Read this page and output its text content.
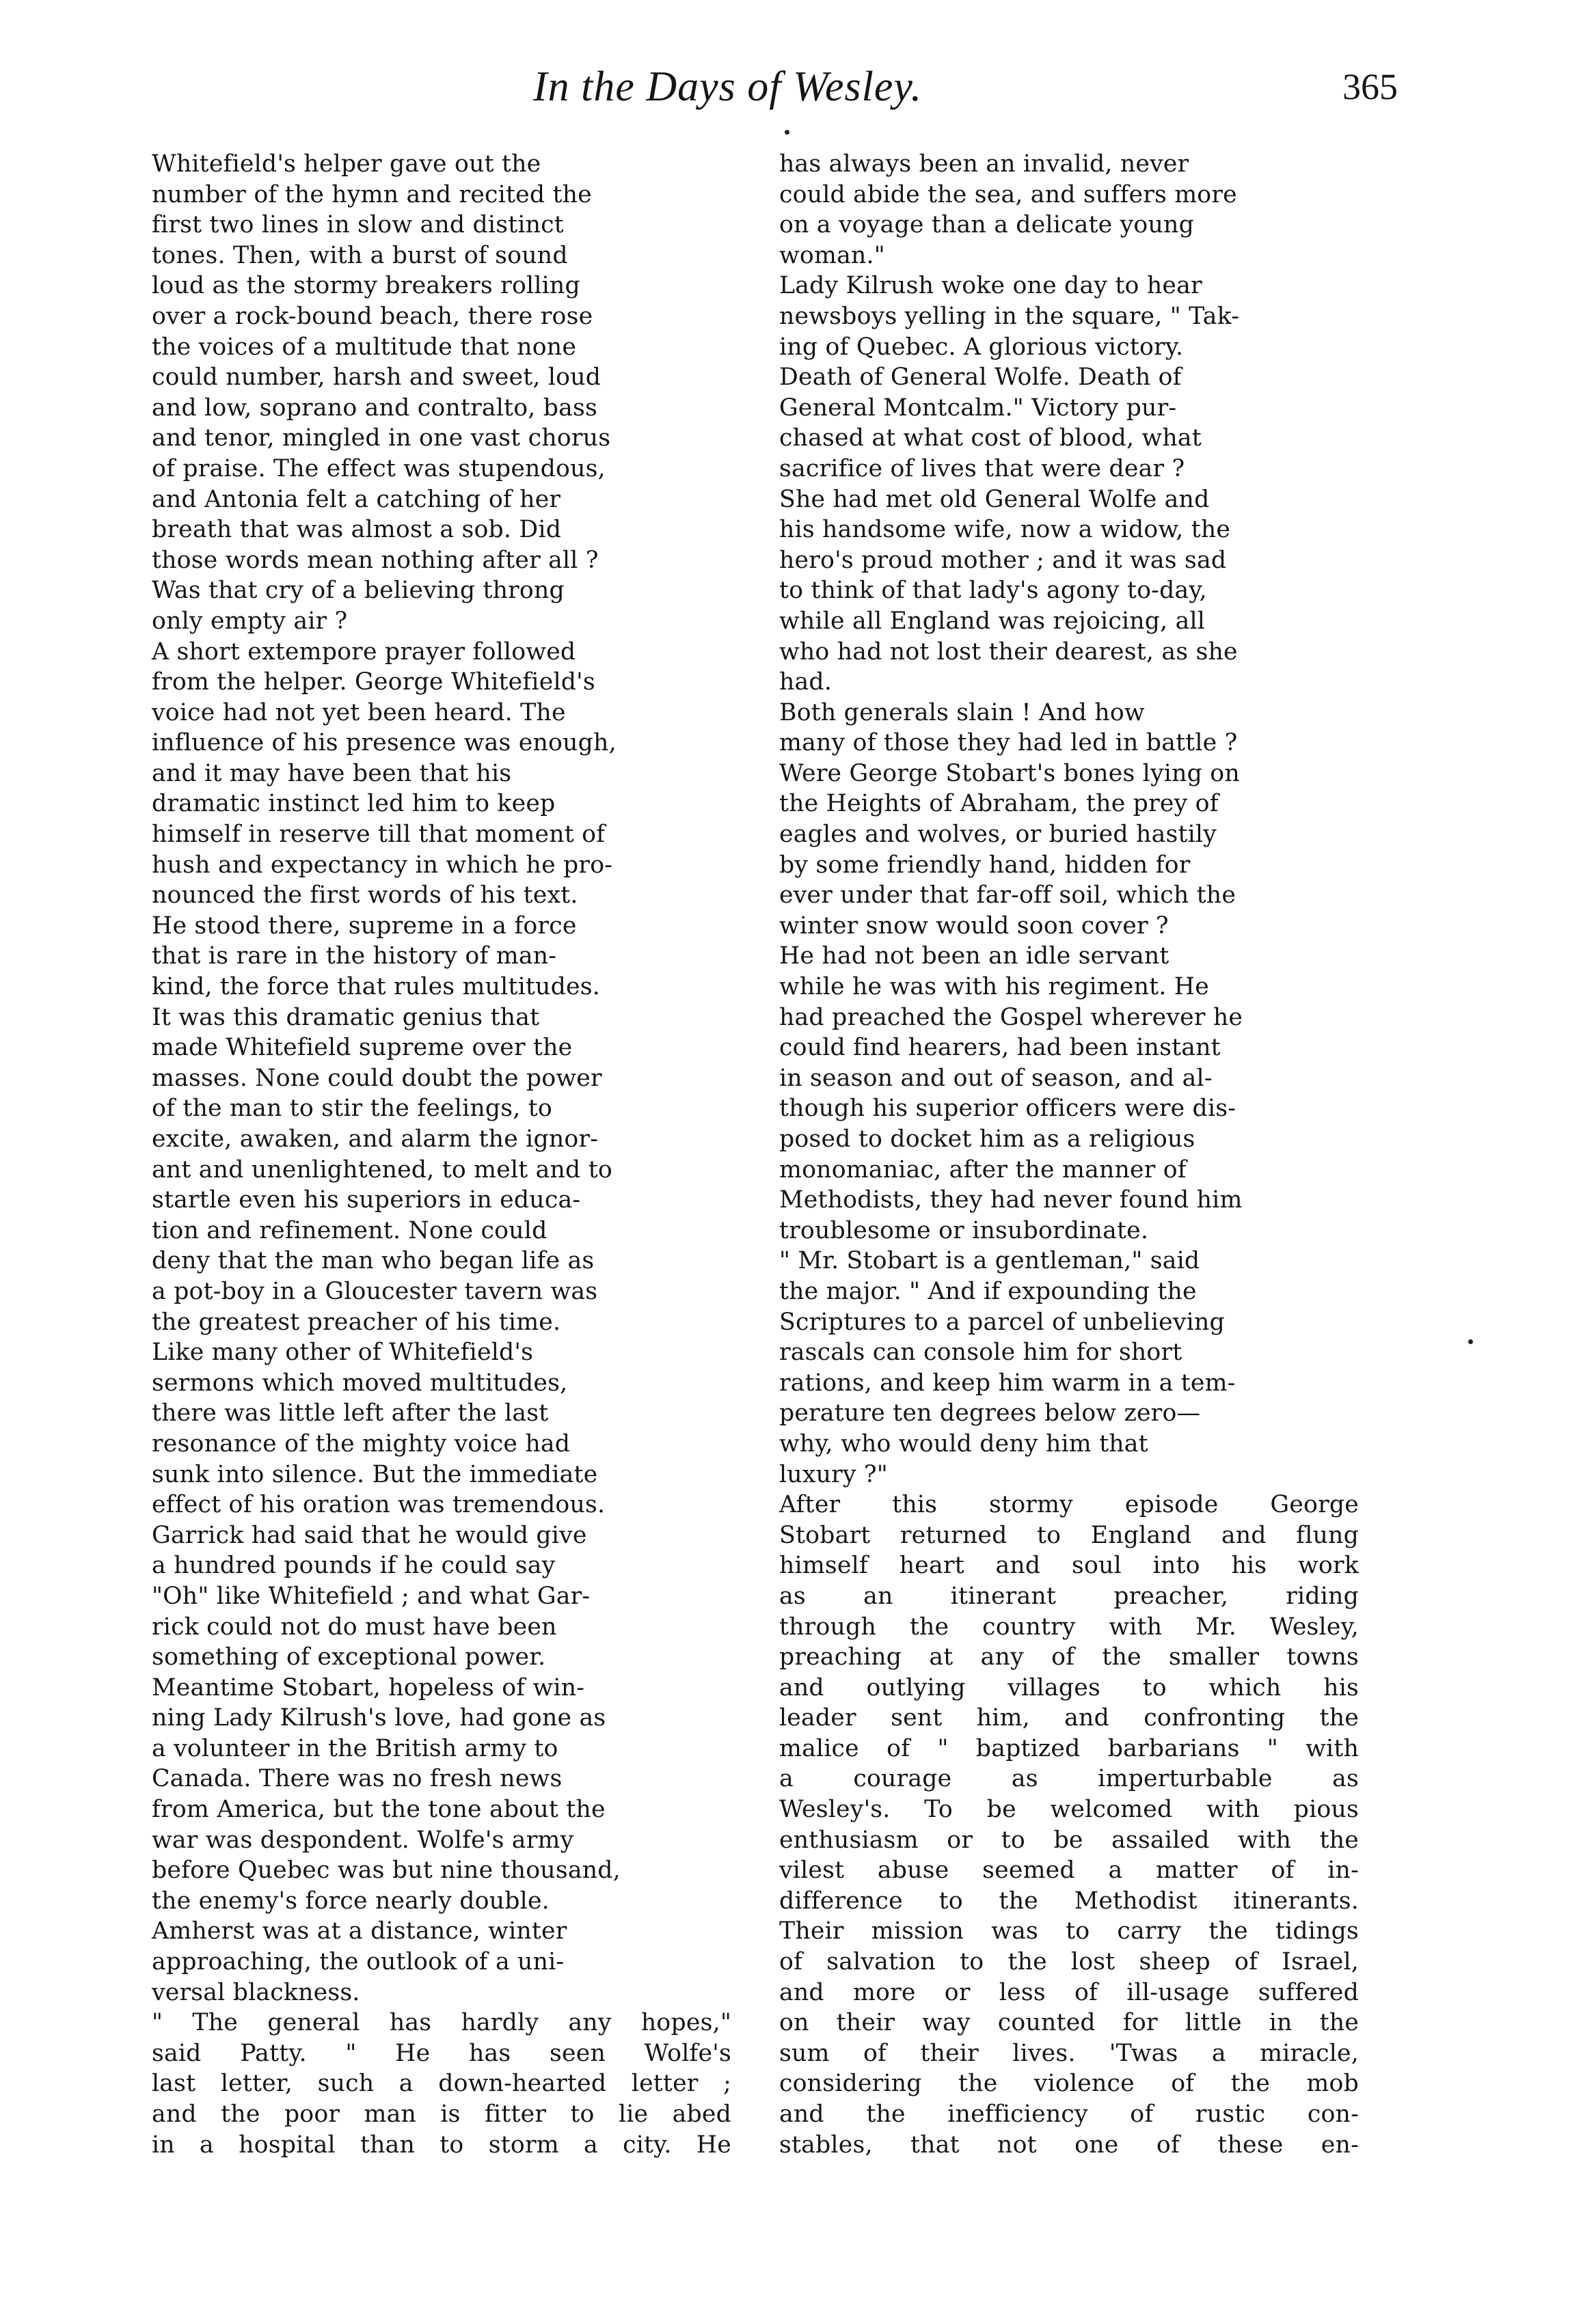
In the Days of Wesley.	365

Whitefield's helper gave out the
number of the hymn and recited the
first two lines in slow and distinct
tones. Then, with a burst of sound
loud as the stormy breakers rolling
over a rock-bound beach, there rose
the voices of a multitude that none
could number, harsh and sweet, loud
and low, soprano and contralto, bass
and tenor, mingled in one vast chorus
of praise. The effect was stupendous,
and Antonia felt a catching of her
breath that was almost a sob. Did
those words mean nothing after all ?
Was that cry of a believing throng
only empty air ?

A short extempore prayer followed
from the helper. George Whitefield's
voice had not yet been heard. The
influence of his presence was enough,
and it may have been that his
dramatic instinct led him to keep
himself in reserve till that moment of
hush and expectancy in which he pro-
nounced the first words of his text.

He stood there, supreme in a force
that is rare in the history of man-
kind, the force that rules multitudes.

It was this dramatic genius that
made Whitefield supreme over the
masses. None could doubt the power
of the man to stir the feelings, to
excite, awaken, and alarm the ignor-
ant and unenlightened, to melt and to
startle even his superiors in educa-
tion and refinement. None could
deny that the man who began life as
a pot-boy in a Gloucester tavern was
the greatest preacher of his time.

Like many other of Whitefield's
sermons which moved multitudes,
there was little left after the last
resonance of the mighty voice had
sunk into silence. But the immediate
effect of his oration was tremendous.
Garrick had said that he would give
a hundred pounds if he could say
"Oh" like Whitefield ; and what Gar-
rick could not do must have been
something of exceptional power.

Meantime Stobart, hopeless of win-
ning Lady Kilrush's love, had gone as
a volunteer in the British army to
Canada. There was no fresh news
from America, but the tone about the
war was despondent. Wolfe's army
before Quebec was but nine thousand,
the enemy's force nearly double.
Amherst was at a distance, winter
approaching, the outlook of a uni-
versal blackness.

" The general has hardly any hopes,"
said Patty. " He has seen Wolfe's
last letter, such a down-hearted letter ;
and the poor man is fitter to lie abed
in a hospital than to storm a city. He

has always been an invalid, never
could abide the sea, and suffers more
on a voyage than a delicate young
woman."

Lady Kilrush woke one day to hear
newsboys yelling in the square, " Tak-
ing of Quebec. A glorious victory.
Death of General Wolfe. Death of
General Montcalm." Victory pur-
chased at what cost of blood, what
sacrifice of lives that were dear ?
She had met old General Wolfe and
his handsome wife, now a widow, the
hero's proud mother ; and it was sad
to think of that lady's agony to-day,
while all England was rejoicing, all
who had not lost their dearest, as she
had.

Both generals slain ! And how
many of those they had led in battle ?
Were George Stobart's bones lying on
the Heights of Abraham, the prey of
eagles and wolves, or buried hastily
by some friendly hand, hidden for
ever under that far-off soil, which the
winter snow would soon cover ?

He had not been an idle servant
while he was with his regiment. He
had preached the Gospel wherever he
could find hearers, had been instant
in season and out of season, and al-
though his superior officers were dis-
posed to docket him as a religious
monomaniac, after the manner of
Methodists, they had never found him
troublesome or insubordinate.

" Mr. Stobart is a gentleman," said
the major. " And if expounding the
Scriptures to a parcel of unbelieving
rascals can console him for short
rations, and keep him warm in a tem-
perature ten degrees below zero—
why, who would deny him that
luxury ?"

After this stormy episode George
Stobart returned to England and flung
himself heart and soul into his work
as an itinerant preacher, riding
through the country with Mr. Wesley,
preaching at any of the smaller towns
and outlying villages to which his
leader sent him, and confronting the
malice of " baptized barbarians " with
a courage as imperturbable as
Wesley's. To be welcomed with pious
enthusiasm or to be assailed with the
vilest abuse seemed a matter of in-
difference to the Methodist itinerants.
Their mission was to carry the tidings
of salvation to the lost sheep of Israel,
and more or less of ill-usage suffered
on their way counted for little in the
sum of their lives. 'Twas a miracle,
considering the violence of the mob
and the inefficiency of rustic con-
stables, that not one of these en-
